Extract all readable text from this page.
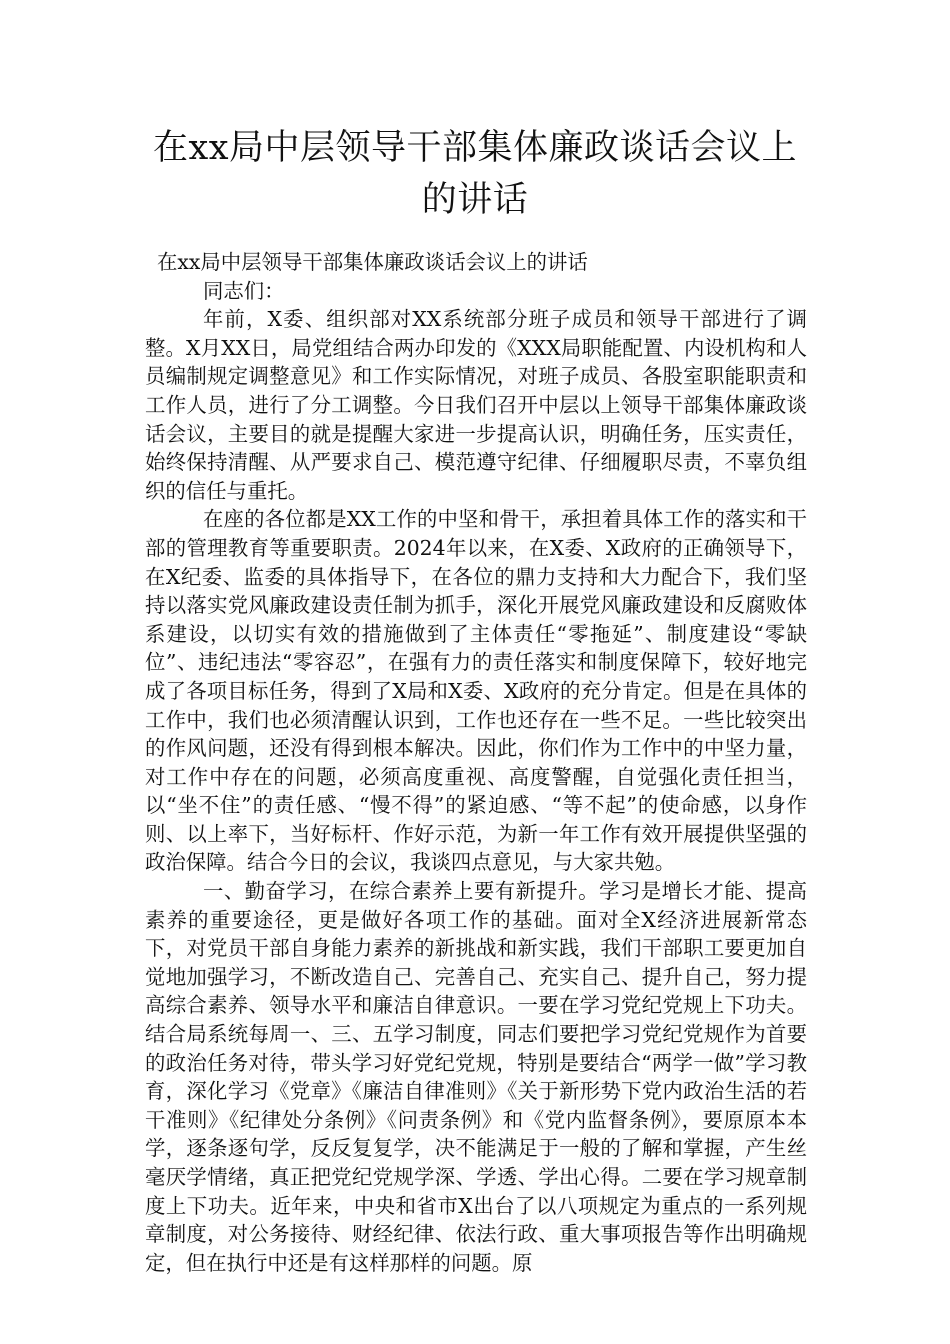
在xx局中层领导干部集体廉政谈话会议上
的讲话

在xx局中层领导干部集体廉政谈话会议上的讲话

同志们：

年前，X委、组织部对XX系统部分班子成员和领导干部进行了调整。X月XX日，局党组结合两办印发的《XXX局职能配置、内设机构和人员编制规定调整意见》和工作实际情况，对班子成员、各股室职能职责和工作人员，进行了分工调整。今日我们召开中层以上领导干部集体廉政谈话会议，主要目的就是提醒大家进一步提高认识，明确任务，压实责任，始终保持清醒、从严要求自己、模范遵守纪律、仔细履职尽责，不辜负组织的信任与重托。

在座的各位都是XX工作的中坚和骨干，承担着具体工作的落实和干部的管理教育等重要职责。2024年以来，在X委、X政府的正确领导下，在X纪委、监委的具体指导下，在各位的鼎力支持和大力配合下，我们坚持以落实党风廉政建设责任制为抓手，深化开展党风廉政建设和反腐败体系建设，以切实有效的措施做到了主体责任“零拖延”、制度建设“零缺位”、违纪违法“零容忍”，在强有力的责任落实和制度保障下，较好地完成了各项目标任务，得到了X局和X委、X政府的充分肯定。但是在具体的工作中，我们也必须清醒认识到，工作也还存在一些不足。一些比较突出的作风问题，还没有得到根本解决。因此，你们作为工作中的中坚力量，对工作中存在的问题，必须高度重视、高度警醒，自觉强化责任担当，以“坐不住”的责任感、“慢不得”的紧迫感、“等不起”的使命感，以身作则、以上率下，当好标杆、作好示范，为新一年工作有效开展提供坚强的政治保障。结合今日的会议，我谈四点意见，与大家共勉。

一、勤奋学习，在综合素养上要有新提升。学习是增长才能、提高素养的重要途径，更是做好各项工作的基础。面对全X经济进展新常态下，对党员干部自身能力素养的新挑战和新实践，我们干部职工要更加自觉地加强学习，不断改造自己、完善自己、充实自己、提升自己，努力提高综合素养、领导水平和廉洁自律意识。一要在学习党纪党规上下功夫。结合局系统每周一、三、五学习制度，同志们要把学习党纪党规作为首要的政治任务对待，带头学习好党纪党规，特别是要结合“两学一做”学习教育，深化学习《党章》《廉洁自律准则》《关于新形势下党内政治生活的若干准则》《纪律处分条例》《问责条例》和《党内监督条例》，要原原本本学，逐条逐句学，反反复复学，决不能满足于一般的了解和掌握，产生丝毫厌学情绪，真正把党纪党规学深、学透、学出心得。二要在学习规章制度上下功夫。近年来，中央和省市X出台了以八项规定为重点的一系列规章制度，对公务接待、财经纪律、依法行政、重大事项报告等作出明确规定，但在执行中还是有这样那样的问题。原
